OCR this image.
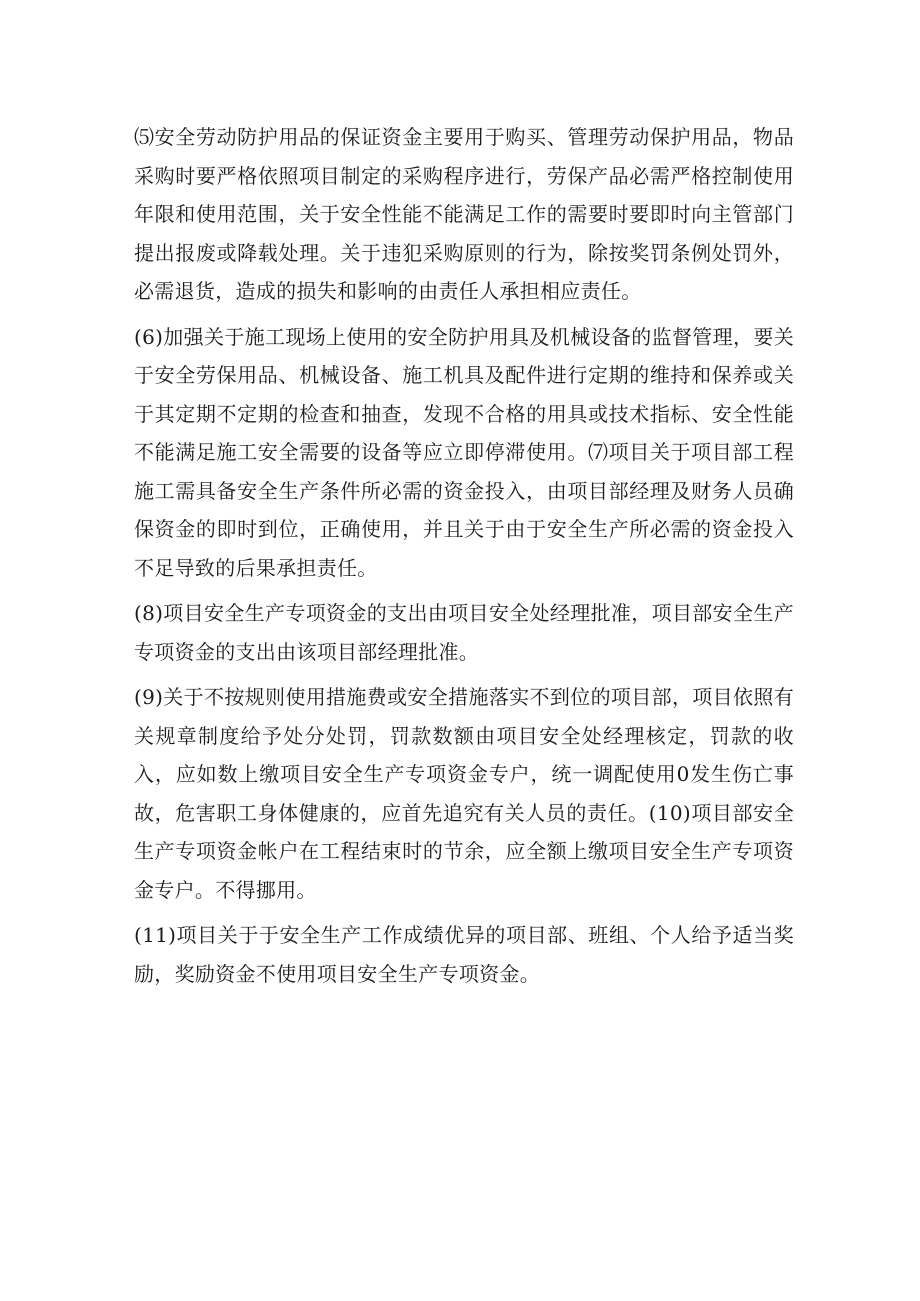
⑸安全劳动防护用品的保证资金主要用于购买、管理劳动保护用品，物品采购时要严格依照项目制定的采购程序进行，劳保产品必需严格控制使用年限和使用范围，关于安全性能不能满足工作的需要时要即时向主管部门提出报废或降载处理。关于违犯采购原则的行为，除按奖罚条例处罚外，必需退货，造成的损失和影响的由责任人承担相应责任。

(6)加强关于施工现场上使用的安全防护用具及机械设备的监督管理，要关于安全劳保用品、机械设备、施工机具及配件进行定期的维持和保养或关于其定期不定期的检查和抽查，发现不合格的用具或技术指标、安全性能不能满足施工安全需要的设备等应立即停滞使用。⑺项目关于项目部工程施工需具备安全生产条件所必需的资金投入，由项目部经理及财务人员确保资金的即时到位，正确使用，并且关于由于安全生产所必需的资金投入不足导致的后果承担责任。

(8)项目安全生产专项资金的支出由项目安全处经理批准，项目部安全生产专项资金的支出由该项目部经理批准。

(9)关于不按规则使用措施费或安全措施落实不到位的项目部，项目依照有关规章制度给予处分处罚，罚款数额由项目安全处经理核定，罚款的收入，应如数上缴项目安全生产专项资金专户，统一调配使用0发生伤亡事故，危害职工身体健康的，应首先追究有关人员的责任。(10)项目部安全生产专项资金帐户在工程结束时的节余，应全额上缴项目安全生产专项资金专户。不得挪用。

(11)项目关于于安全生产工作成绩优异的项目部、班组、个人给予适当奖励，奖励资金不使用项目安全生产专项资金。
